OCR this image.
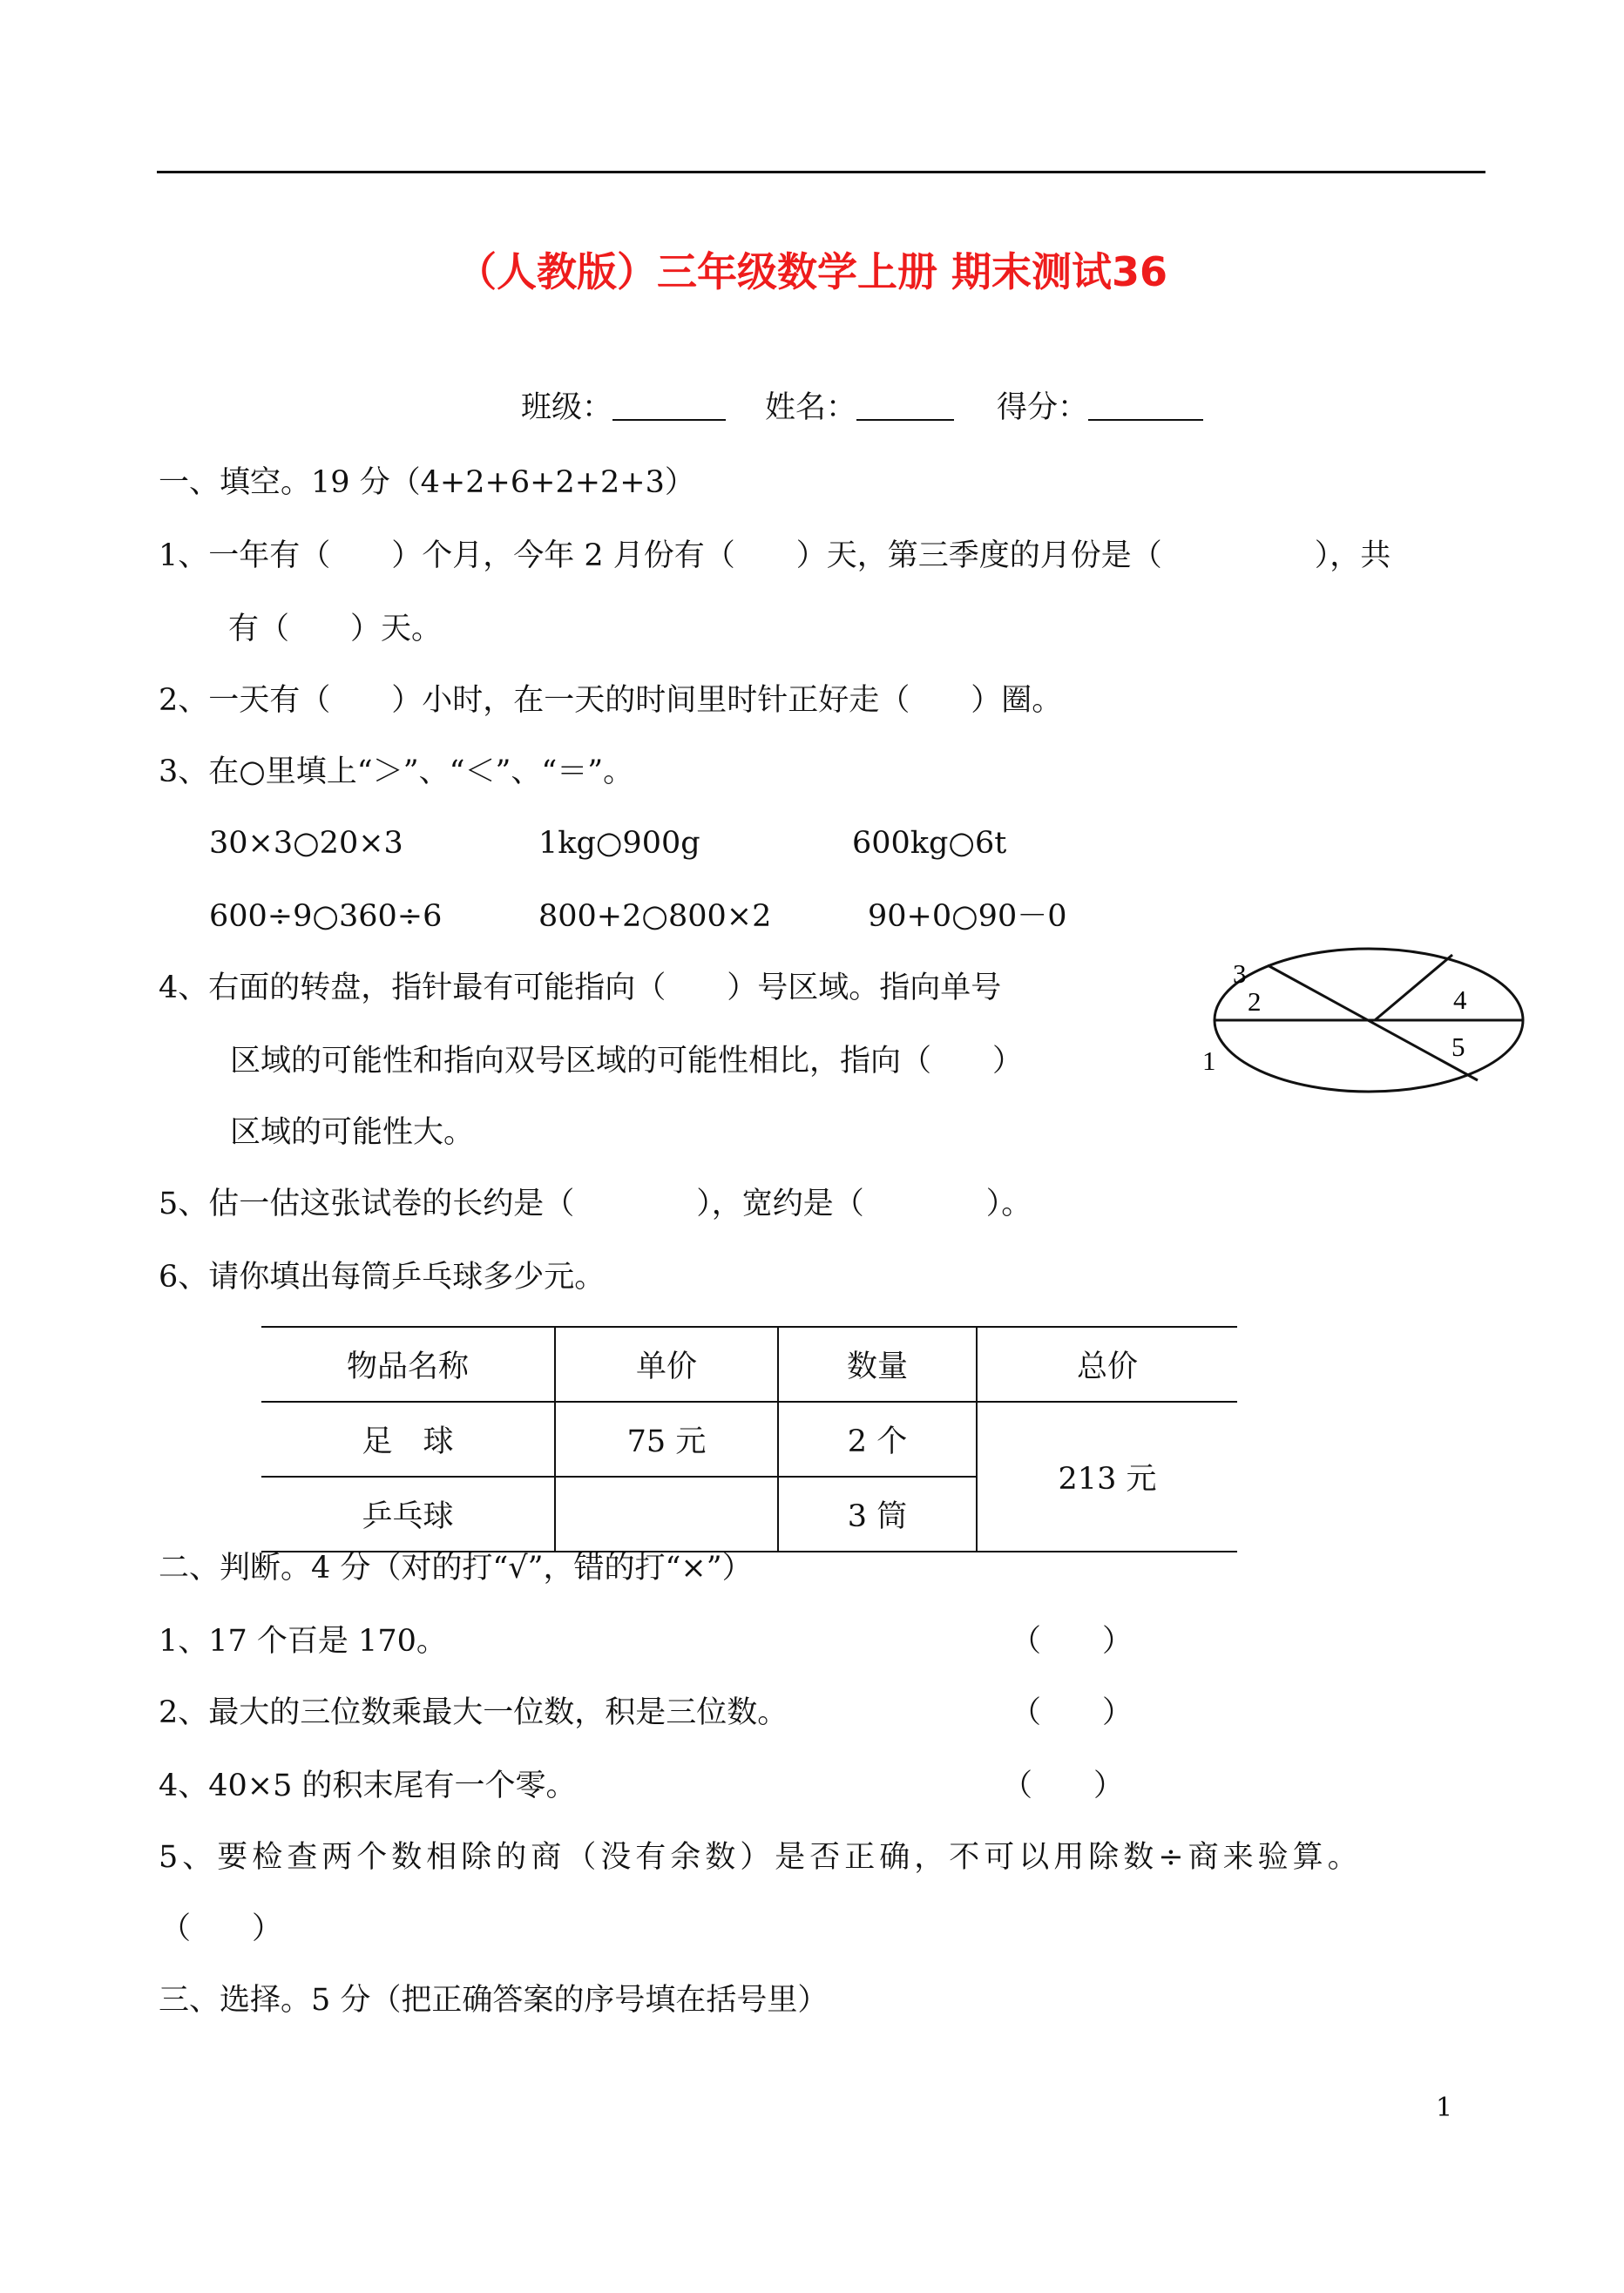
（人教版）三年级数学上册 期末测试36
班级：	姓名：	得分：
一、填空。19 分（4+2+6+2+2+3）
1、一年有（　　）个月，今年 2 月份有（　　）天，第三季度的月份是（　　　　　），共
有（　　）天。
2、一天有（　　）小时，在一天的时间里时针正好走（　　）圈。
3、在○里填上“＞”、“＜”、“＝”。
30×3○20×3	1kg○900g	600kg○6t
600÷9○360÷6	800+2○800×2	90+0○90－0
4、右面的转盘，指针最有可能指向（　　）号区域。指向单号
区域的可能性和指向双号区域的可能性相比，指向（　　）
区域的可能性大。
3
2	4
5
1
5、估一估这张试卷的长约是（　　　　），宽约是（　　　　）。
6、请你填出每筒乒乓球多少元。
物品名称	单价	数量	总价
足　球	75 元	2 个	213 元
乒乓球		3 筒	
二、判断。4 分（对的打“√”，错的打“×”）
1、17 个百是 170。	（　　）
2、最大的三位数乘最大一位数，积是三位数。	（　　）
4、40×5 的积末尾有一个零。	（　　）
5、要检查两个数相除的商（没有余数）是否正确，不可以用除数÷商来验算。
（　　）
三、选择。5 分（把正确答案的序号填在括号里）
1
